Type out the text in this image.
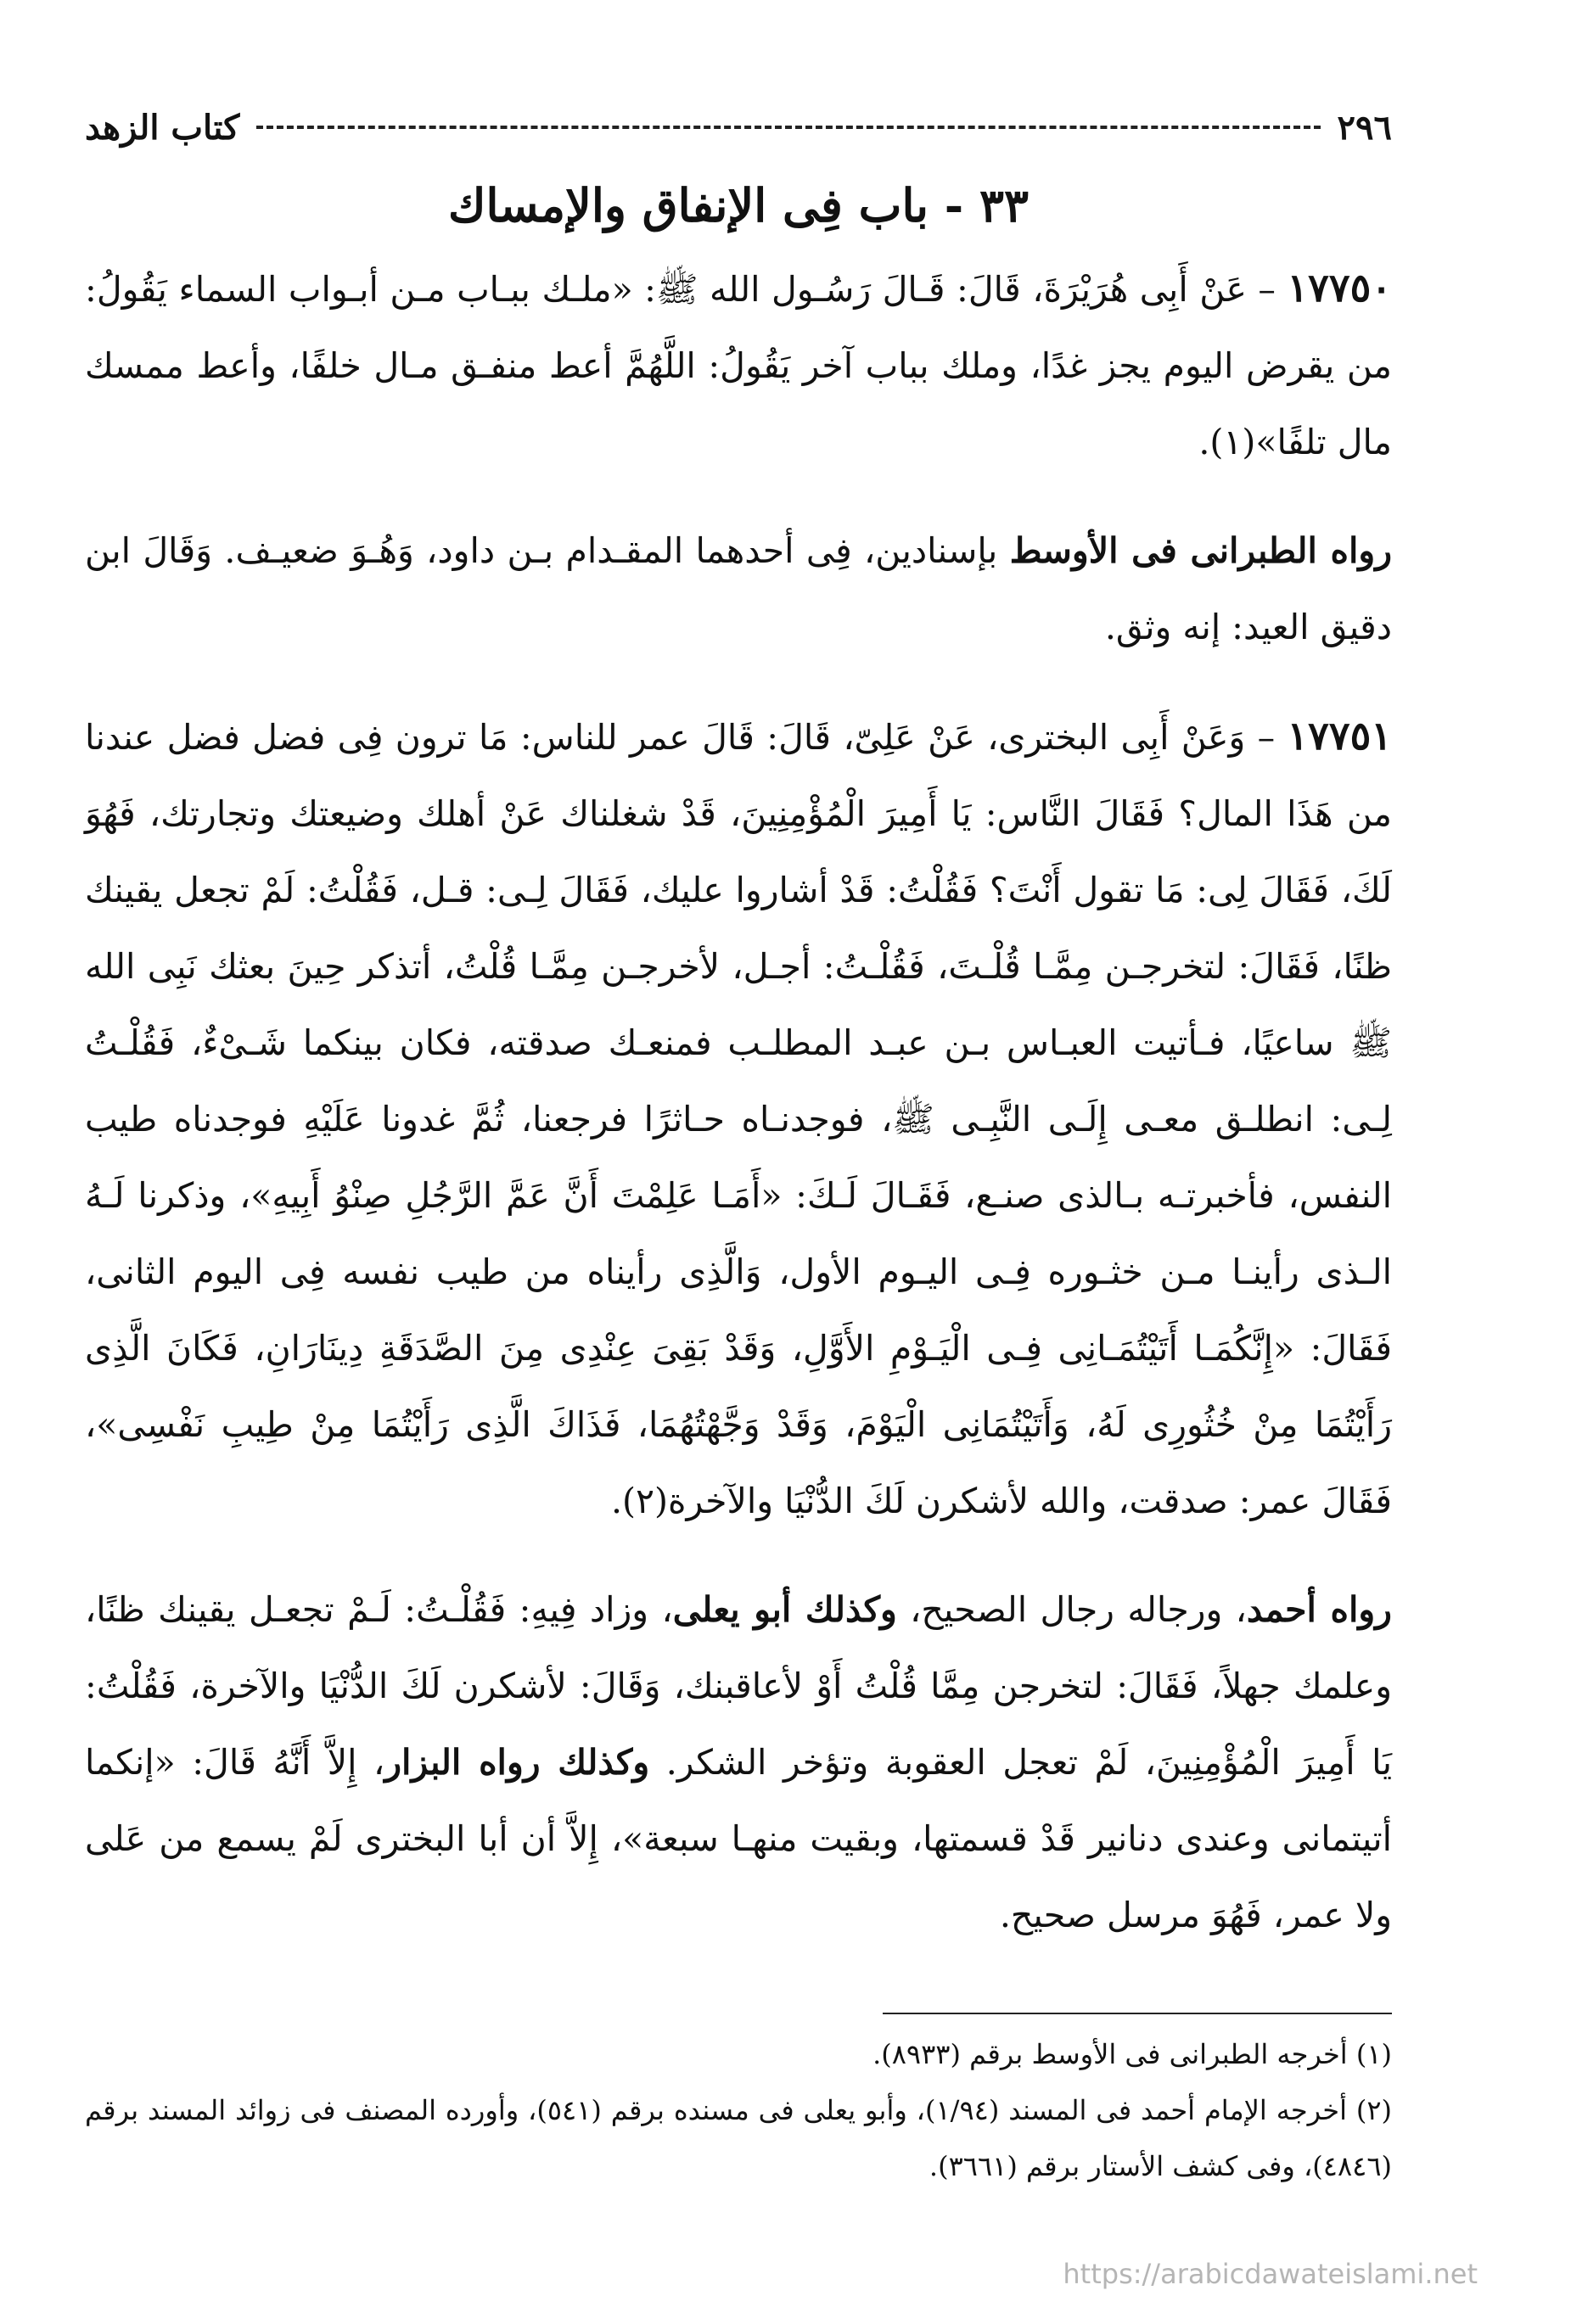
٢٩٦
كتاب الزهد
٣٣ - باب فِى الإنفاق والإمساك

١٧٧٥٠ – عَنْ أَبِى هُرَيْرَةَ، قَالَ: قَـالَ رَسُـول الله ﷺ: «ملـك ببـاب مـن أبـواب السماء يَقُولُ: من يقرض اليوم يجز غدًا، وملك بباب آخر يَقُولُ: اللَّهُمَّ أعط منفـق مـال خلفًا، وأعط ممسك مال تلفًا»(١).

رواه الطبرانى فى الأوسط بإسنادين، فِى أحدهما المقـدام بـن داود، وَهُـوَ ضعيـف. وَقَالَ ابن دقيق العيد: إنه وثق.

١٧٧٥١ – وَعَنْ أَبِى البخترى، عَنْ عَلِىّ، قَالَ: قَالَ عمر للناس: مَا ترون فِى فضل فضل عندنا من هَذَا المال؟ فَقَالَ النَّاس: يَا أَمِيرَ الْمُؤْمِنِينَ، قَدْ شغلناك عَنْ أهلك وضيعتك وتجارتك، فَهُوَ لَكَ، فَقَالَ لِى: مَا تقول أَنْتَ؟ فَقُلْتُ: قَدْ أشاروا عليك، فَقَالَ لِـى: قـل، فَقُلْتُ: لَمْ تجعل يقينك ظنًا، فَقَالَ: لتخرجـن مِمَّـا قُلْـتَ، فَقُلْـتُ: أجـل، لأخرجـن مِمَّـا قُلْتُ، أتذكر حِينَ بعثك نَبِى الله ﷺ ساعيًا، فـأتيت العبـاس بـن عبـد المطلـب فمنعـك صدقته، فكان بينكما شَـىْءٌ، فَقُلْـتُ لِـى: انطلـق معـى إِلَـى النَّبِـى ﷺ، فوجدنـاه حـاثرًا فرجعنا، ثُمَّ غدونا عَلَيْهِ فوجدناه طيب النفس، فأخبرتـه بـالذى صنـع، فَقَـالَ لَـكَ: «أَمَـا عَلِمْتَ أَنَّ عَمَّ الرَّجُلِ صِنْوُ أَبِيهِ»، وذكرنا لَـهُ الـذى رأينـا مـن خثـوره فِـى اليـوم الأول، وَالَّذِى رأيناه من طيب نفسه فِى اليوم الثانى، فَقَالَ: «إِنَّكُمَـا أَتَيْتُمَـانِى فِـى الْيَـوْمِ الأَوَّلِ، وَقَدْ بَقِىَ عِنْدِى مِنَ الصَّدَقَةِ دِينَارَانِ، فَكَانَ الَّذِى رَأَيْتُمَا مِنْ خُثُورِى لَهُ، وَأَتَيْتُمَانِى الْيَوْمَ، وَقَدْ وَجَّهْتُهُمَا، فَذَاكَ الَّذِى رَأَيْتُمَا مِنْ طِيبِ نَفْسِى»، فَقَالَ عمر: صدقت، والله لأشكرن لَكَ الدُّنْيَا والآخرة(٢).

رواه أحمد، ورجاله رجال الصحيح، وكذلك أبو يعلى، وزاد فِيهِ: فَقُلْـتُ: لَـمْ تجعـل يقينك ظنًا، وعلمك جهلاً، فَقَالَ: لتخرجن مِمَّا قُلْتُ أَوْ لأعاقبنك، وَقَالَ: لأشكرن لَكَ الدُّنْيَا والآخرة، فَقُلْتُ: يَا أَمِيرَ الْمُؤْمِنِينَ، لَمْ تعجل العقوبة وتؤخر الشكر. وكذلك رواه البزار، إِلاَّ أَنَّهُ قَالَ: «إنكما أتيتمانى وعندى دنانير قَدْ قسمتها، وبقيت منهـا سبعة»، إِلاَّ أن أبا البخترى لَمْ يسمع من عَلى ولا عمر، فَهُوَ مرسل صحيح.

(١) أخرجه الطبرانى فى الأوسط برقم (٨٩٣٣).

(٢) أخرجه الإمام أحمد فى المسند (١/٩٤)، وأبو يعلى فى مسنده برقم (٥٤١)، وأورده المصنف فى زوائد المسند برقم (٤٨٤٦)، وفى كشف الأستار برقم (٣٦٦١).

https://arabicdawateislami.net
